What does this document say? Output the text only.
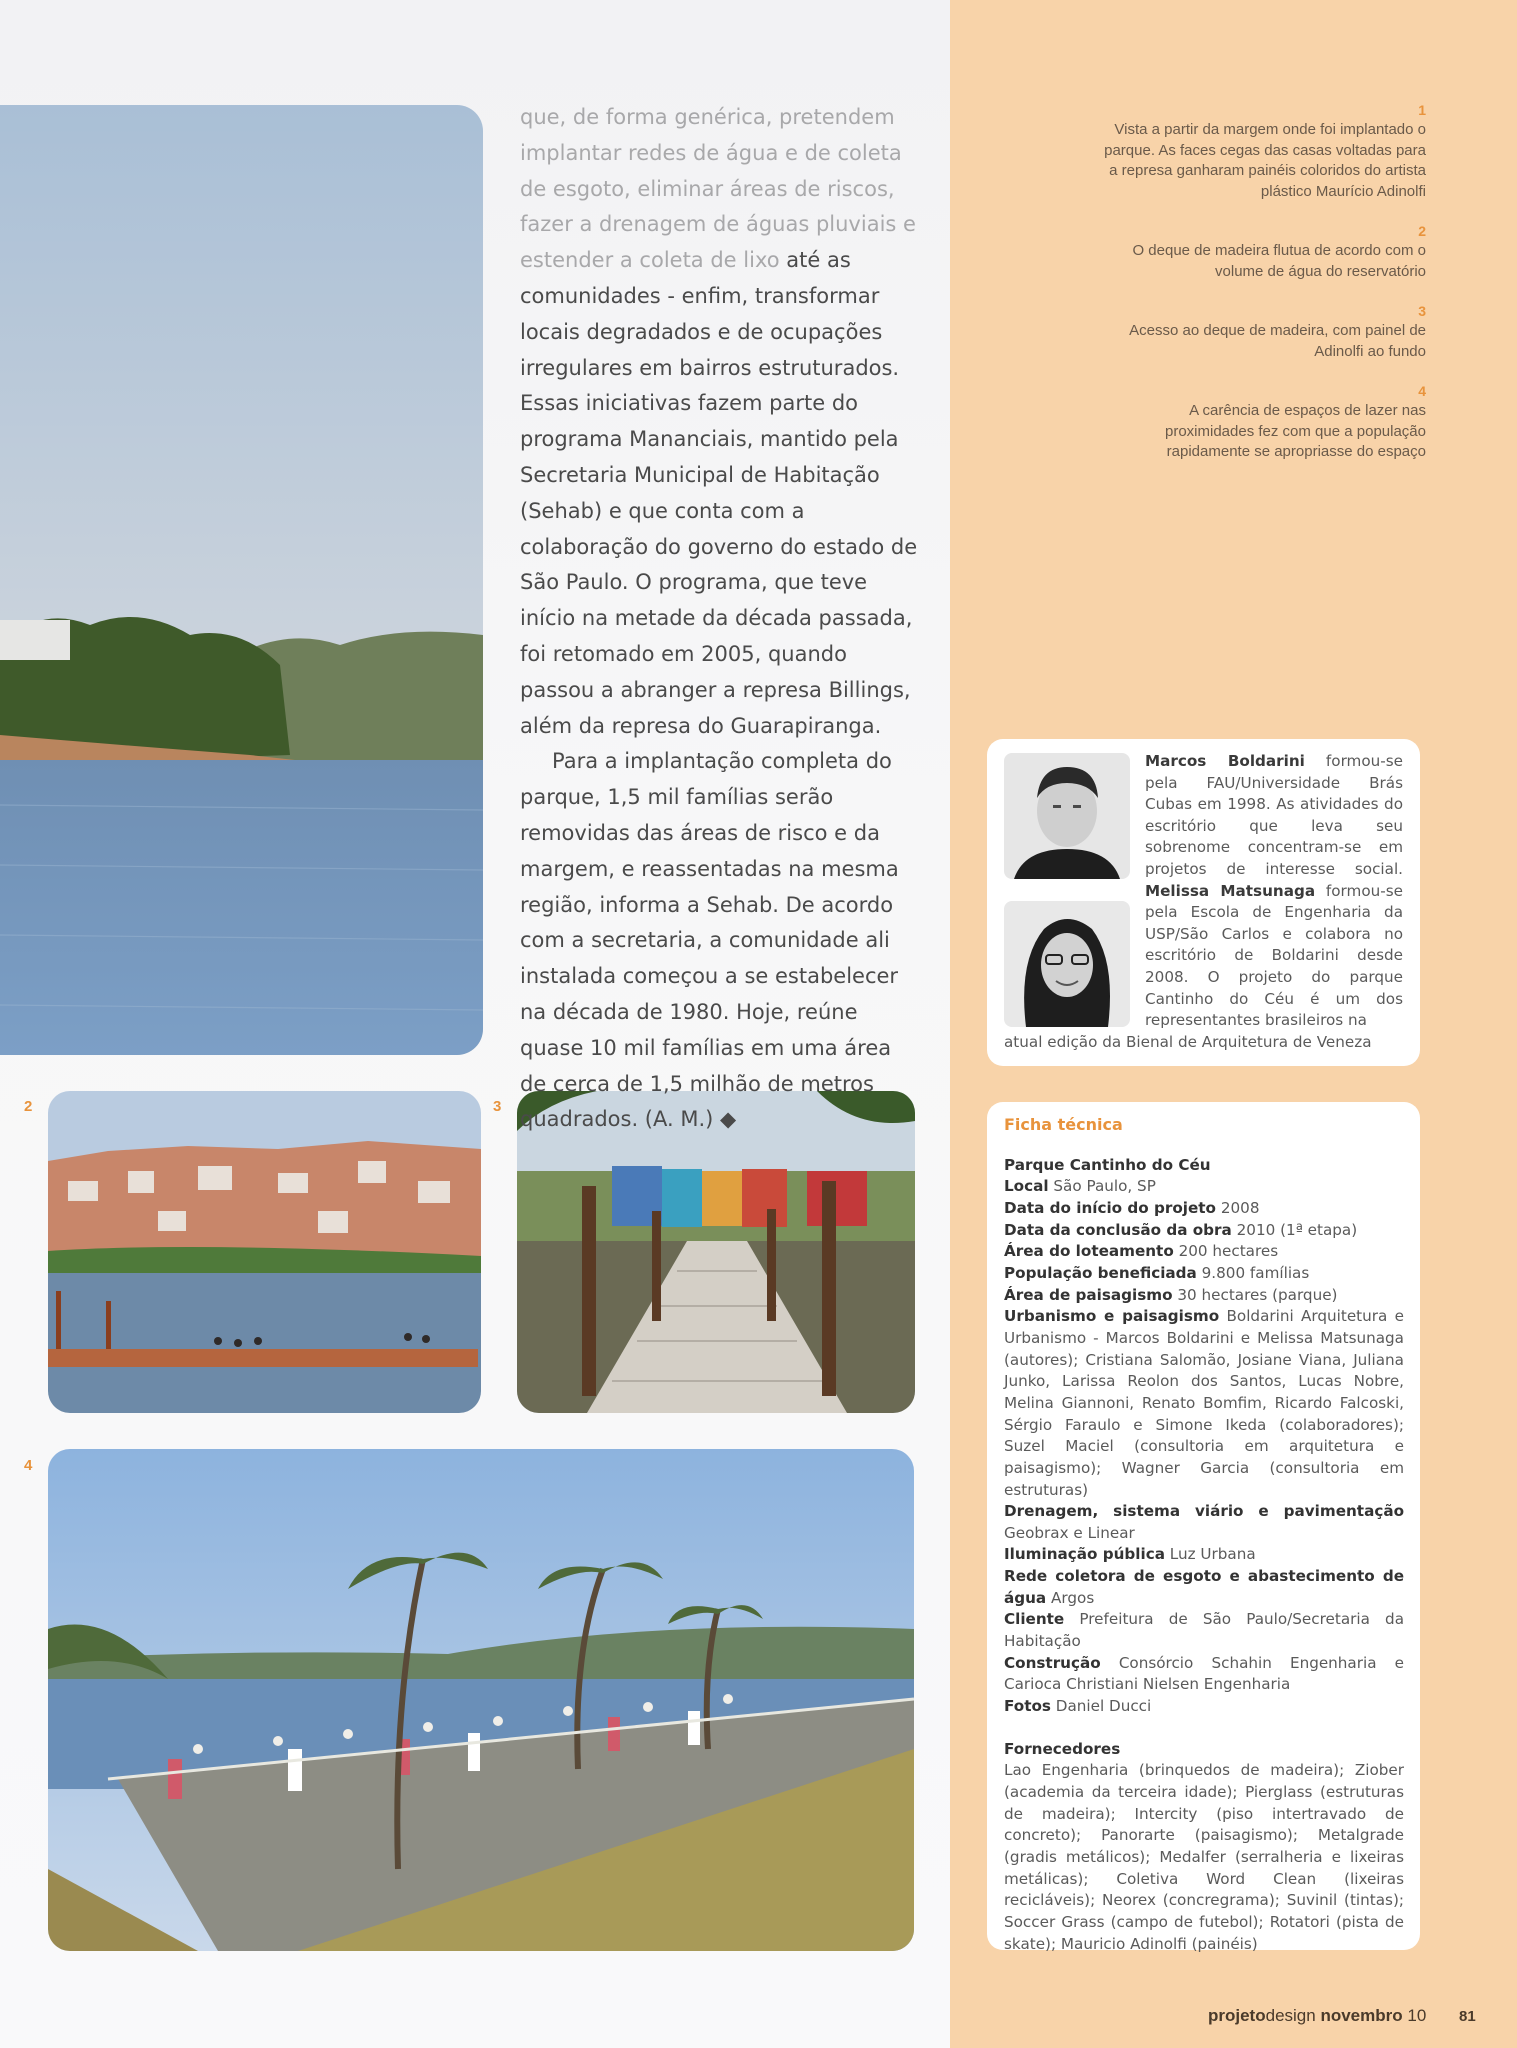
2	3
4

que, de forma genérica, pretendem implantar redes de água e de coleta de esgoto, eliminar áreas de riscos, fazer a drenagem de águas pluviais e estender a coleta de lixo até as comunidades - enfim, transformar locais degradados e de ocupações irregulares em bairros estruturados. Essas iniciativas fazem parte do programa Mananciais, mantido pela Secretaria Municipal de Habitação (Sehab) e que conta com a colaboração do governo do estado de São Paulo. O programa, que teve início na metade da década passada, foi retomado em 2005, quando passou a abranger a represa Billings, além da represa do Guarapiranga.

Para a implantação completa do parque, 1,5 mil famílias serão removidas das áreas de risco e da margem, e reassentadas na mesma região, informa a Sehab. De acordo com a secretaria, a comunidade ali instalada começou a se estabelecer na década de 1980. Hoje, reúne quase 10 mil famílias em uma área de cerca de 1,5 milhão de metros quadrados. (A. M.) ◆

1
Vista a partir da margem onde foi implantado o parque. As faces cegas das casas voltadas para a represa ganharam painéis coloridos do artista plástico Maurício Adinolfi
2
O deque de madeira flutua de acordo com o volume de água do reservatório
3
Acesso ao deque de madeira, com painel de Adinolfi ao fundo
4
A carência de espaços de lazer nas proximidades fez com que a população rapidamente se apropriasse do espaço
Marcos Boldarini formou-se pela FAU/Universidade Brás Cubas em 1998. As atividades do escritório que leva seu sobrenome concentram-se em projetos de interesse social. Melissa Matsunaga formou-se pela Escola de Engenharia da USP/São Carlos e colabora no escritório de Boldarini desde 2008. O projeto do parque Cantinho do Céu é um dos representantes brasileiros na
atual edição da Bienal de Arquitetura de Veneza
Ficha técnica
Parque Cantinho do Céu
Local São Paulo, SP
Data do início do projeto 2008
Data da conclusão da obra 2010 (1ª etapa)
Área do loteamento 200 hectares
População beneficiada 9.800 famílias
Área de paisagismo 30 hectares (parque)
Urbanismo e paisagismo Boldarini Arquitetura e Urbanismo - Marcos Boldarini e Melissa Matsunaga (autores); Cristiana Salomão, Josiane Viana, Juliana Junko, Larissa Reolon dos Santos, Lucas Nobre, Melina Giannoni, Renato Bomfim, Ricardo Falcoski, Sérgio Faraulo e Simone Ikeda (colaboradores); Suzel Maciel (consultoria em arquitetura e paisagismo); Wagner Garcia (consultoria em estruturas)
Drenagem, sistema viário e pavimentação Geobrax e Linear
Iluminação pública Luz Urbana
Rede coletora de esgoto e abastecimento de água Argos
Cliente Prefeitura de São Paulo/Secretaria da Habitação
Construção Consórcio Schahin Engenharia e Carioca Christiani Nielsen Engenharia
Fotos Daniel Ducci
Fornecedores
Lao Engenharia (brinquedos de madeira); Ziober (academia da terceira idade); Pierglass (estruturas de madeira); Intercity (piso intertravado de concreto); Panorarte (paisagismo); Metalgrade (gradis metálicos); Medalfer (serralheria e lixeiras metálicas); Coletiva Word Clean (lixeiras recicláveis); Neorex (concregrama); Suvinil (tintas); Soccer Grass (campo de futebol); Rotatori (pista de skate); Mauricio Adinolfi (painéis)
projetodesign novembro 10 81
